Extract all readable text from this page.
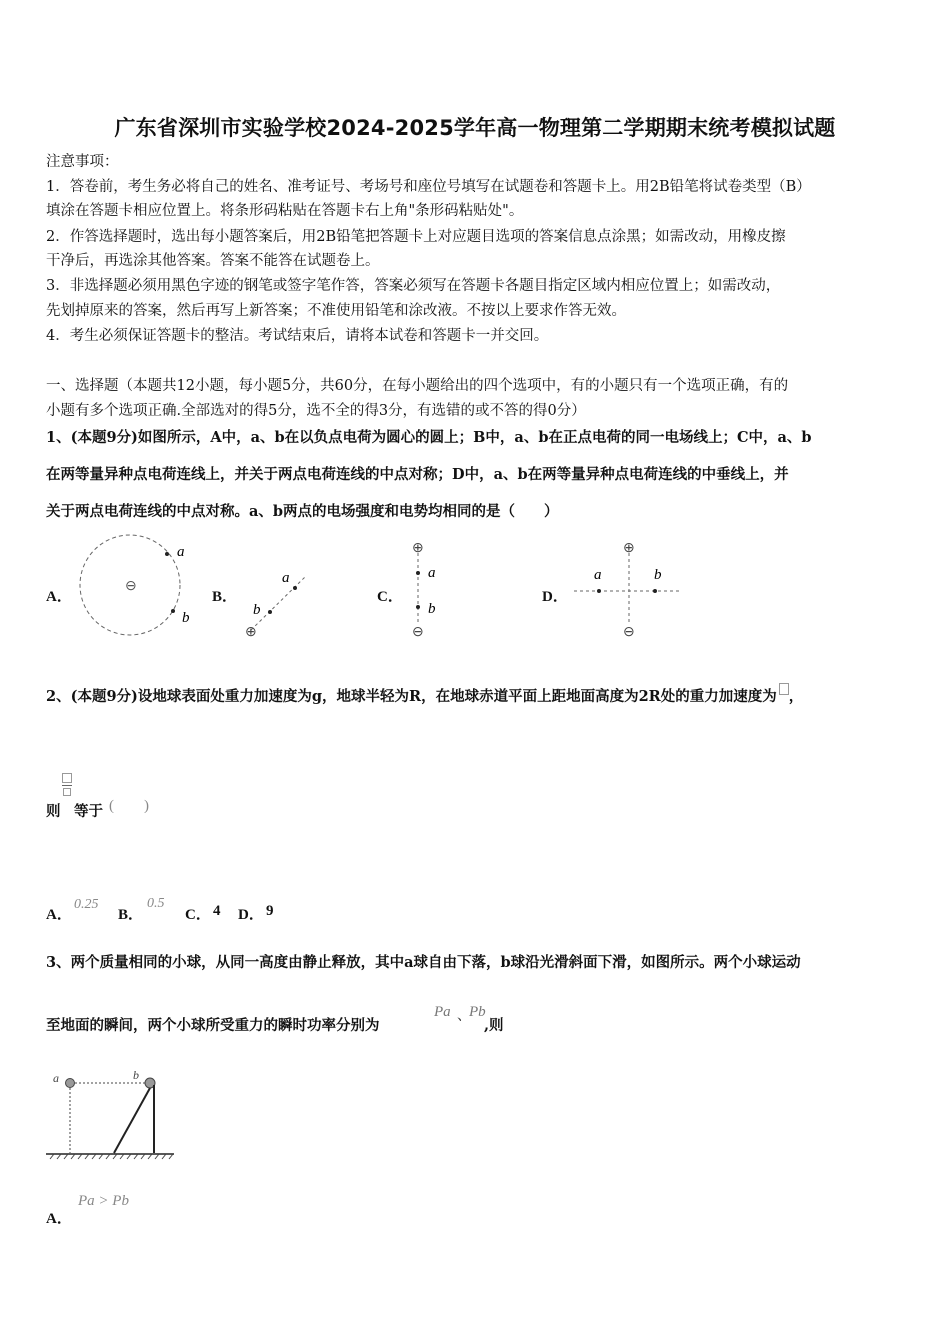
广东省深圳市实验学校2024-2025学年高一物理第二学期期末统考模拟试题
注意事项：
1．答卷前，考生务必将自己的姓名、准考证号、考场号和座位号填写在试题卷和答题卡上。用2B铅笔将试卷类型（B）
填涂在答题卡相应位置上。将条形码粘贴在答题卡右上角"条形码粘贴处"。
2．作答选择题时，选出每小题答案后，用2B铅笔把答题卡上对应题目选项的答案信息点涂黑；如需改动，用橡皮擦
干净后，再选涂其他答案。答案不能答在试题卷上。
3．非选择题必须用黑色字迹的钢笔或签字笔作答，答案必须写在答题卡各题目指定区域内相应位置上；如需改动，
先划掉原来的答案，然后再写上新答案；不准使用铅笔和涂改液。不按以上要求作答无效。
4．考生必须保证答题卡的整洁。考试结束后，请将本试卷和答题卡一并交回。
一、选择题（本题共12小题，每小题5分，共60分，在每小题给出的四个选项中，有的小题只有一个选项正确，有的
小题有多个选项正确.全部选对的得5分，选不全的得3分，有选错的或不答的得0分）
1、(本题9分)如图所示，A中，a、b在以负点电荷为圆心的圆上；B中，a、b在正点电荷的同一电场线上；C中，a、b
在两等量异种点电荷连线上，并关于两点电荷连线的中点对称；D中，a、b在两等量异种点电荷连线的中垂线上，并
关于两点电荷连线的中点对称。a、b两点的电场强度和电势均相同的是（　　）
A．
⊖
a
b
B．
⊕
b
a
C．
⊕
a
b
⊖
D．
⊕
⊖
a	b
2、(本题9分)设地球表面处重力加速度为g，地球半轻为R，在地球赤道平面上距地面高度为2R处的重力加速度为 ，
则 等于 (　　)
A．
0.25
B．
0.5
C． 4 D． 9
3、两个质量相同的小球，从同一高度由静止释放，其中a球自由下落，b球沿光滑斜面下滑，如图所示。两个小球运动
至地面的瞬间，两个小球所受重力的瞬时功率分别为
Pa 、
Pb
,则
a	b
A．
Pa > Pb
